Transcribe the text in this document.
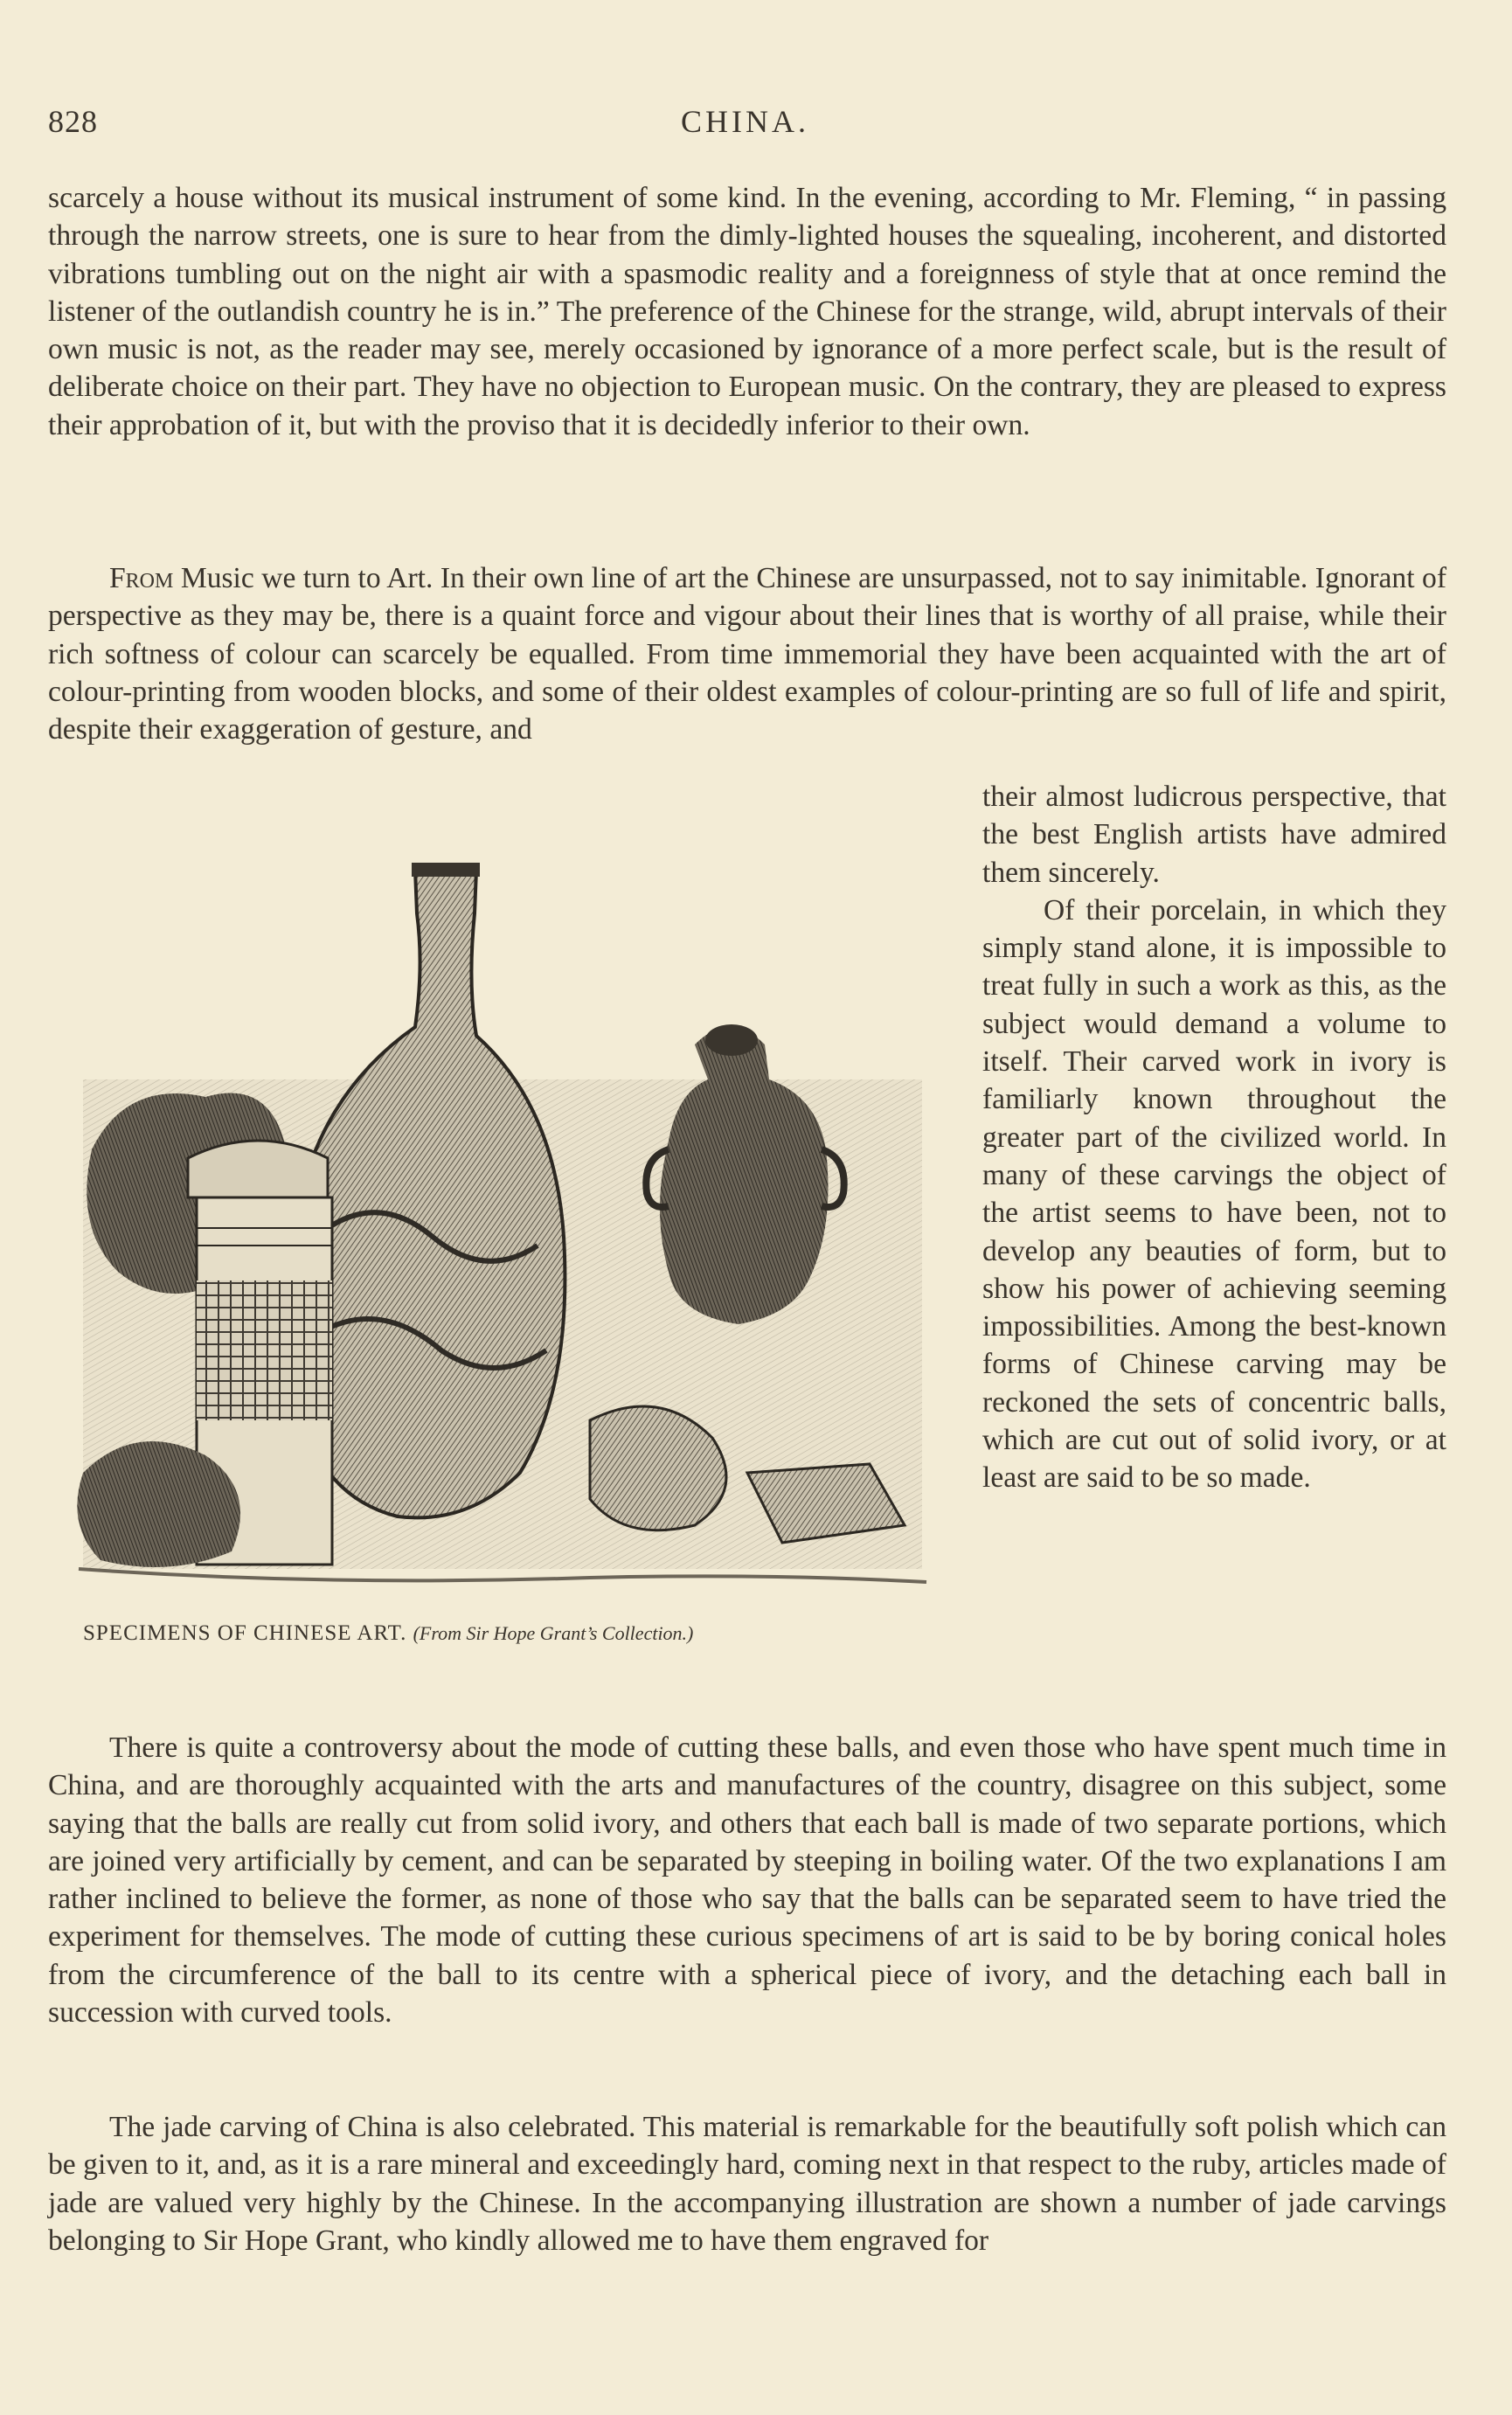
828	CHINA.

scarcely a house without its musical instrument of some kind. In the evening, according to Mr. Fleming, “ in passing through the narrow streets, one is sure to hear from the dimly-lighted houses the squealing, incoherent, and distorted vibrations tumbling out on the night air with a spasmodic reality and a foreignness of style that at once remind the listener of the outlandish country he is in.” The preference of the Chinese for the strange, wild, abrupt intervals of their own music is not, as the reader may see, merely occasioned by ignorance of a more perfect scale, but is the result of deliberate choice on their part. They have no objection to European music. On the contrary, they are pleased to express their approbation of it, but with the proviso that it is decidedly inferior to their own.

From Music we turn to Art. In their own line of art the Chinese are unsurpassed, not to say inimitable. Ignorant of perspective as they may be, there is a quaint force and vigour about their lines that is worthy of all praise, while their rich softness of colour can scarcely be equalled. From time immemorial they have been acquainted with the art of colour-printing from wooden blocks, and some of their oldest examples of colour-printing are so full of life and spirit, despite their exaggeration of gesture, and

their almost ludicrous perspective, that the best English artists have admired them sincerely.

Of their porcelain, in which they simply stand alone, it is impossible to treat fully in such a work as this, as the subject would demand a volume to itself. Their carved work in ivory is familiarly known throughout the greater part of the civilized world. In many of these carvings the object of the artist seems to have been, not to develop any beauties of form, but to show his power of achieving seeming impossibilities. Among the best-known forms of Chinese carving may be reckoned the sets of concentric balls, which are cut out of solid ivory, or at least are said to be so made.

SPECIMENS OF CHINESE ART. (From Sir Hope Grant’s Collection.)

There is quite a controversy about the mode of cutting these balls, and even those who have spent much time in China, and are thoroughly acquainted with the arts and manufactures of the country, disagree on this subject, some saying that the balls are really cut from solid ivory, and others that each ball is made of two separate portions, which are joined very artificially by cement, and can be separated by steeping in boiling water. Of the two explanations I am rather inclined to believe the former, as none of those who say that the balls can be separated seem to have tried the experiment for themselves. The mode of cutting these curious specimens of art is said to be by boring conical holes from the circumference of the ball to its centre with a spherical piece of ivory, and the detaching each ball in succession with curved tools.

The jade carving of China is also celebrated. This material is remarkable for the beautifully soft polish which can be given to it, and, as it is a rare mineral and exceedingly hard, coming next in that respect to the ruby, articles made of jade are valued very highly by the Chinese. In the accompanying illustration are shown a number of jade carvings belonging to Sir Hope Grant, who kindly allowed me to have them engraved for
